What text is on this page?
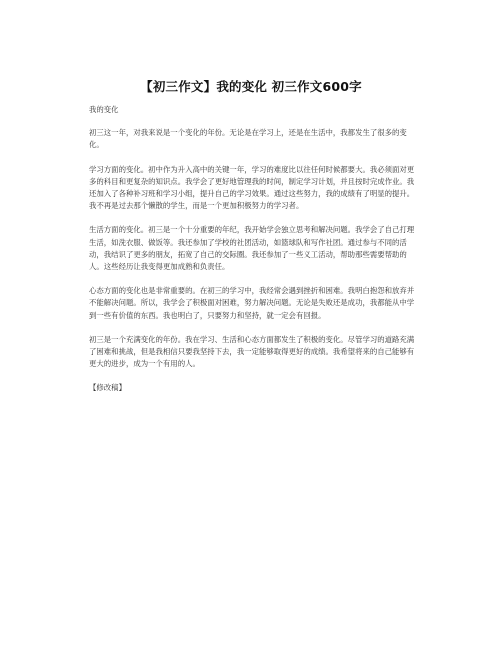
【初三作文】我的变化 初三作文600字

我的变化

初三这一年，对我来说是一个变化的年份。无论是在学习上，还是在生活中，我都发生了很多的变化。

学习方面的变化。初中作为升入高中的关键一年，学习的难度比以往任何时候都要大。我必须面对更多的科目和更复杂的知识点。我学会了更好地管理我的时间，制定学习计划，并且按时完成作业。我还加入了各种补习班和学习小组，提升自己的学习效果。通过这些努力，我的成绩有了明显的提升。我不再是过去那个懒散的学生，而是一个更加积极努力的学习者。

生活方面的变化。初三是一个十分重要的年纪，我开始学会独立思考和解决问题。我学会了自己打理生活，如洗衣服、做饭等。我还参加了学校的社团活动，如篮球队和写作社团。通过参与不同的活动，我结识了更多的朋友，拓宽了自己的交际圈。我还参加了一些义工活动，帮助那些需要帮助的人。这些经历让我变得更加成熟和负责任。

心态方面的变化也是非常重要的。在初三的学习中，我经常会遇到挫折和困难。我明白抱怨和放弃并不能解决问题。所以，我学会了积极面对困难，努力解决问题。无论是失败还是成功，我都能从中学到一些有价值的东西。我也明白了，只要努力和坚持，就一定会有回报。

初三是一个充满变化的年份。我在学习、生活和心态方面都发生了积极的变化。尽管学习的道路充满了困难和挑战，但是我相信只要我坚持下去，我一定能够取得更好的成绩。我希望将来的自己能够有更大的进步，成为一个有用的人。

【修改稿】
